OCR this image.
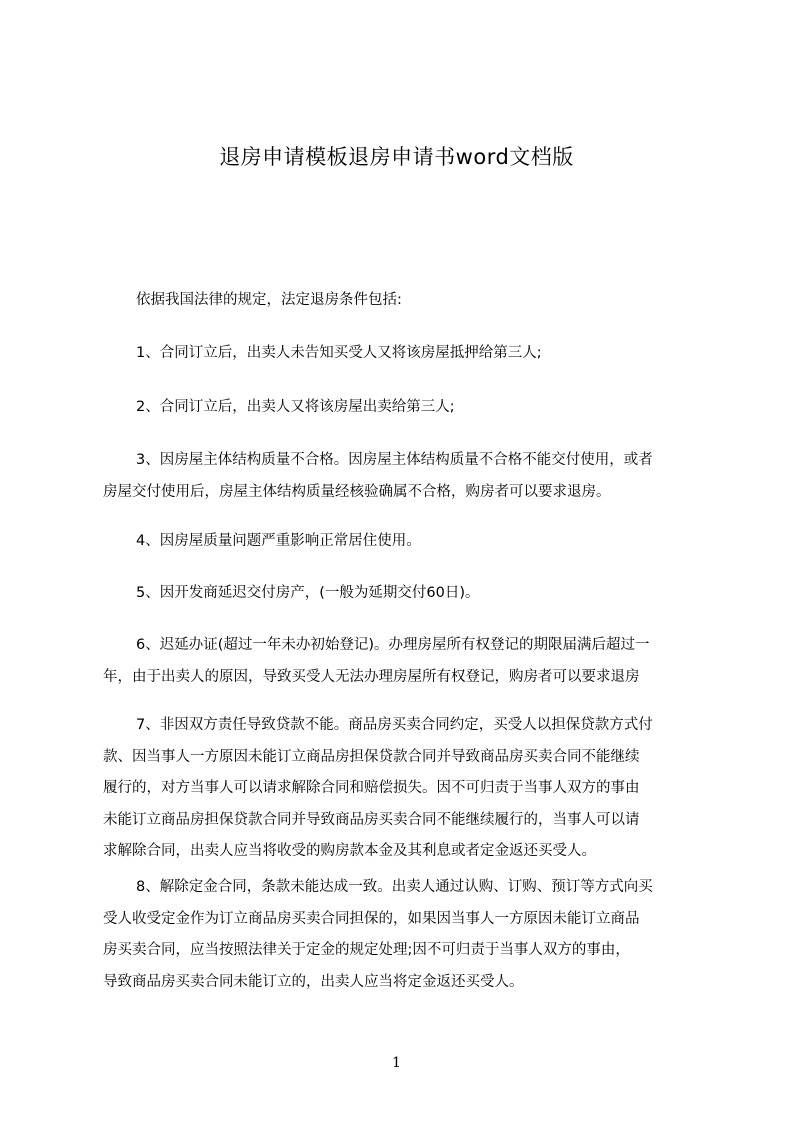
退房申请模板退房申请书word文档版
依据我国法律的规定，法定退房条件包括:
1、合同订立后，出卖人未告知买受人又将该房屋抵押给第三人;
2、合同订立后，出卖人又将该房屋出卖给第三人;
3、因房屋主体结构质量不合格。因房屋主体结构质量不合格不能交付使用，或者
房屋交付使用后，房屋主体结构质量经核验确属不合格，购房者可以要求退房。
4、因房屋质量问题严重影响正常居住使用。
5、因开发商延迟交付房产，(一般为延期交付60日)。
6、迟延办证(超过一年未办初始登记)。办理房屋所有权登记的期限届满后超过一
年，由于出卖人的原因，导致买受人无法办理房屋所有权登记，购房者可以要求退房
7、非因双方责任导致贷款不能。商品房买卖合同约定，买受人以担保贷款方式付
款、因当事人一方原因未能订立商品房担保贷款合同并导致商品房买卖合同不能继续
履行的，对方当事人可以请求解除合同和赔偿损失。因不可归责于当事人双方的事由
未能订立商品房担保贷款合同并导致商品房买卖合同不能继续履行的，当事人可以请
求解除合同，出卖人应当将收受的购房款本金及其利息或者定金返还买受人。
8、解除定金合同，条款未能达成一致。出卖人通过认购、订购、预订等方式向买
受人收受定金作为订立商品房买卖合同担保的，如果因当事人一方原因未能订立商品
房买卖合同，应当按照法律关于定金的规定处理;因不可归责于当事人双方的事由，
导致商品房买卖合同未能订立的，出卖人应当将定金返还买受人。
1
